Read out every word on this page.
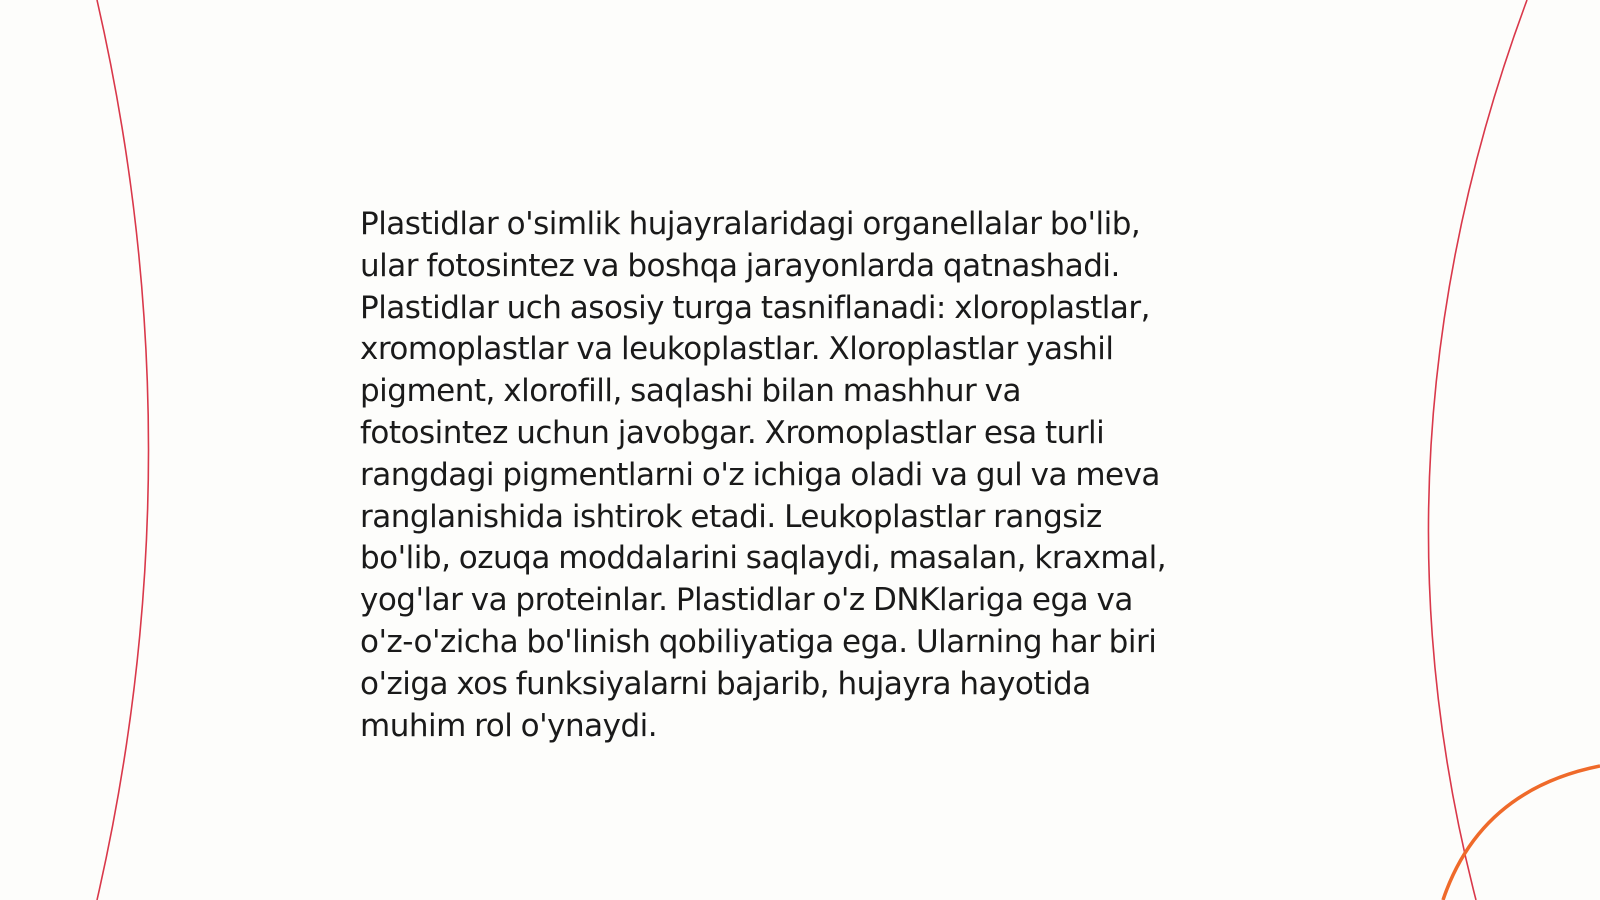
Plastidlar o'simlik hujayralaridagi organellalar bo'lib,
ular fotosintez va boshqa jarayonlarda qatnashadi.
Plastidlar uch asosiy turga tasniflanadi: xloroplastlar,
xromoplastlar va leukoplastlar. Xloroplastlar yashil
pigment, xlorofill, saqlashi bilan mashhur va
fotosintez uchun javobgar. Xromoplastlar esa turli
rangdagi pigmentlarni o'z ichiga oladi va gul va meva
ranglanishida ishtirok etadi. Leukoplastlar rangsiz
bo'lib, ozuqa moddalarini saqlaydi, masalan, kraxmal,
yog'lar va proteinlar. Plastidlar o'z DNKlariga ega va
o'z-o'zicha bo'linish qobiliyatiga ega. Ularning har biri
o'ziga xos funksiyalarni bajarib, hujayra hayotida
muhim rol o'ynaydi.
